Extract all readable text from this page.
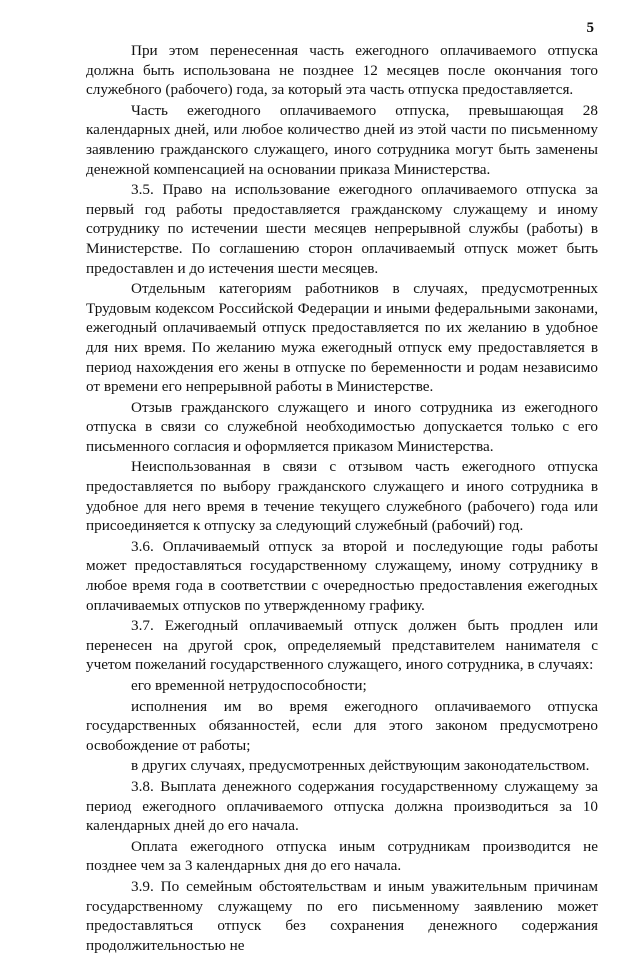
5

При этом перенесенная часть ежегодного оплачиваемого отпуска должна быть использована не позднее 12 месяцев после окончания того служебного (рабочего) года, за который эта часть отпуска предоставляется.

Часть ежегодного оплачиваемого отпуска, превышающая 28 календарных дней, или любое количество дней из этой части по письменному заявлению гражданского служащего, иного сотрудника могут быть заменены денежной компенсацией на основании приказа Министерства.

3.5. Право на использование ежегодного оплачиваемого отпуска за первый год работы предоставляется гражданскому служащему и иному сотруднику по истечении шести месяцев непрерывной службы (работы) в Министерстве. По соглашению сторон оплачиваемый отпуск может быть предоставлен и до истечения шести месяцев.

Отдельным категориям работников в случаях, предусмотренных Трудовым кодексом Российской Федерации и иными федеральными законами, ежегодный оплачиваемый отпуск предоставляется по их желанию в удобное для них время. По желанию мужа ежегодный отпуск ему предоставляется в период нахождения его жены в отпуске по беременности и родам независимо от времени его непрерывной работы в Министерстве.

Отзыв гражданского служащего и иного сотрудника из ежегодного отпуска в связи со служебной необходимостью допускается только с его письменного согласия и оформляется приказом Министерства.

Неиспользованная в связи с отзывом часть ежегодного отпуска предоставляется по выбору гражданского служащего и иного сотрудника в удобное для него время в течение текущего служебного (рабочего) года или присоединяется к отпуску за следующий служебный (рабочий) год.

3.6. Оплачиваемый отпуск за второй и последующие годы работы может предоставляться государственному служащему, иному сотруднику в любое время года в соответствии с очередностью предоставления ежегодных оплачиваемых отпусков по утвержденному графику.

3.7. Ежегодный оплачиваемый отпуск должен быть продлен или перенесен на другой срок, определяемый представителем нанимателя с учетом пожеланий государственного служащего, иного сотрудника, в случаях:

его временной нетрудоспособности;

исполнения им во время ежегодного оплачиваемого отпуска государственных обязанностей, если для этого законом предусмотрено освобождение от работы;

в других случаях, предусмотренных действующим законодательством.

3.8. Выплата денежного содержания государственному служащему за период ежегодного оплачиваемого отпуска должна производиться за 10 календарных дней до его начала.

Оплата ежегодного отпуска иным сотрудникам производится не позднее чем за 3 календарных дня до его начала.

3.9. По семейным обстоятельствам и иным уважительным причинам государственному служащему по его письменному заявлению может предоставляться отпуск без сохранения денежного содержания продолжительностью не
